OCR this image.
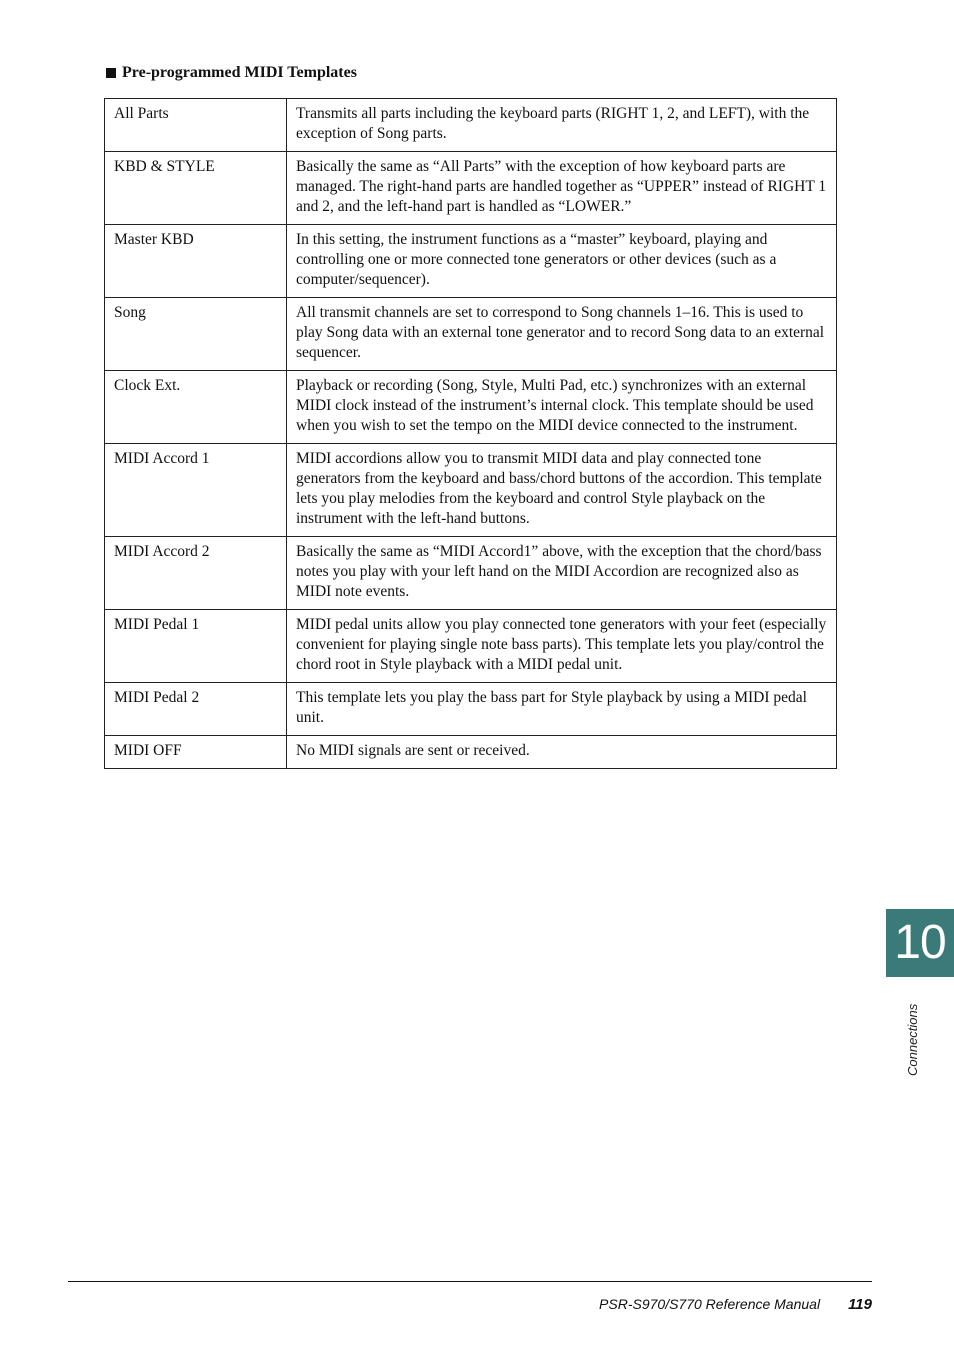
Pre-programmed MIDI Templates
All Parts	Transmits all parts including the keyboard parts (RIGHT 1, 2, and LEFT), with the exception of Song parts.
KBD & STYLE	Basically the same as “All Parts” with the exception of how keyboard parts are managed. The right-hand parts are handled together as “UPPER” instead of RIGHT 1 and 2, and the left-hand part is handled as “LOWER.”
Master KBD	In this setting, the instrument functions as a “master” keyboard, playing and controlling one or more connected tone generators or other devices (such as a computer/sequencer).
Song	All transmit channels are set to correspond to Song channels 1–16. This is used to play Song data with an external tone generator and to record Song data to an external sequencer.
Clock Ext.	Playback or recording (Song, Style, Multi Pad, etc.) synchronizes with an external MIDI clock instead of the instrument’s internal clock. This template should be used when you wish to set the tempo on the MIDI device connected to the instrument.
MIDI Accord 1	MIDI accordions allow you to transmit MIDI data and play connected tone generators from the keyboard and bass/chord buttons of the accordion. This template lets you play melodies from the keyboard and control Style playback on the instrument with the left-hand buttons.
MIDI Accord 2	Basically the same as “MIDI Accord1” above, with the exception that the chord/bass notes you play with your left hand on the MIDI Accordion are recognized also as MIDI note events.
MIDI Pedal 1	MIDI pedal units allow you play connected tone generators with your feet (especially convenient for playing single note bass parts). This template lets you play/control the chord root in Style playback with a MIDI pedal unit.
MIDI Pedal 2	This template lets you play the bass part for Style playback by using a MIDI pedal unit.
MIDI OFF	No MIDI signals are sent or received.
10
Connections
PSR-S970/S770 Reference Manual 119
